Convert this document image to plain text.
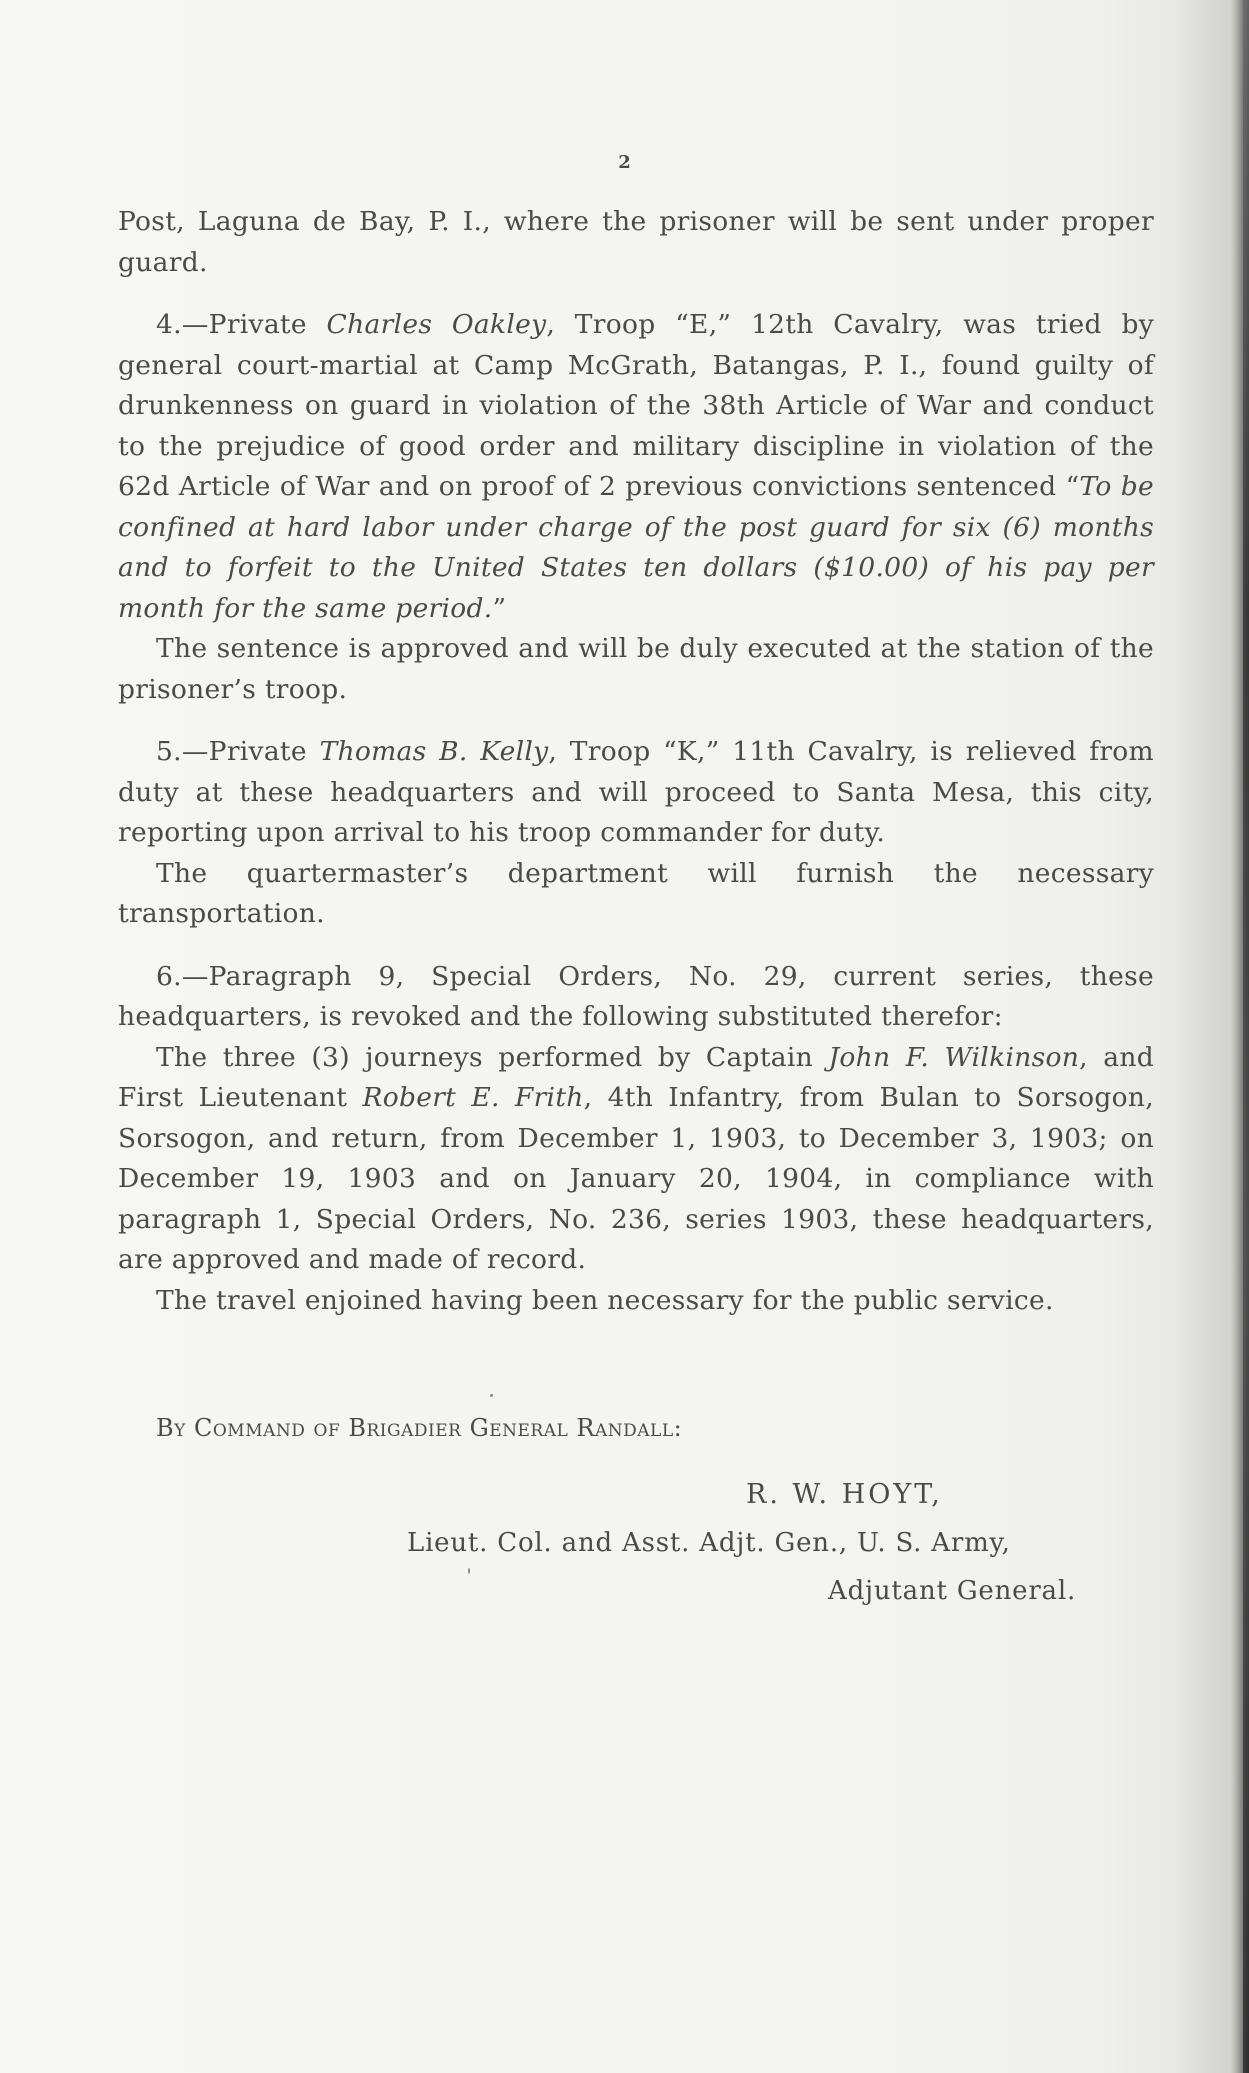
2

Post, Laguna de Bay, P. I., where the prisoner will be sent under proper guard.

4.—Private Charles Oakley, Troop “E,” 12th Cavalry, was tried by general court-martial at Camp McGrath, Batangas, P. I., found guilty of drunkenness on guard in violation of the 38th Article of War and conduct to the prejudice of good order and military discipline in violation of the 62d Article of War and on proof of 2 previous convictions sentenced “To be confined at hard labor under charge of the post guard for six (6) months and to forfeit to the United States ten dollars ($10.00) of his pay per month for the same period.”

The sentence is approved and will be duly executed at the station of the prisoner’s troop.

5.—Private Thomas B. Kelly, Troop “K,” 11th Cavalry, is relieved from duty at these headquarters and will proceed to Santa Mesa, this city, reporting upon arrival to his troop commander for duty.

The quartermaster’s department will furnish the necessary transportation.

6.—Paragraph 9, Special Orders, No. 29, current series, these headquarters, is revoked and the following substituted therefor:

The three (3) journeys performed by Captain John F. Wilkinson, and First Lieutenant Robert E. Frith, 4th Infantry, from Bulan to Sorsogon, Sorsogon, and return, from December 1, 1903, to December 3, 1903; on December 19, 1903 and on January 20, 1904, in compliance with paragraph 1, Special Orders, No. 236, series 1903, these headquarters, are approved and made of record.

The travel enjoined having been necessary for the public service.

By Command of Brigadier General Randall:
R. W. HOYT,
Lieut. Col. and Asst. Adjt. Gen., U. S. Army,
Adjutant General.
